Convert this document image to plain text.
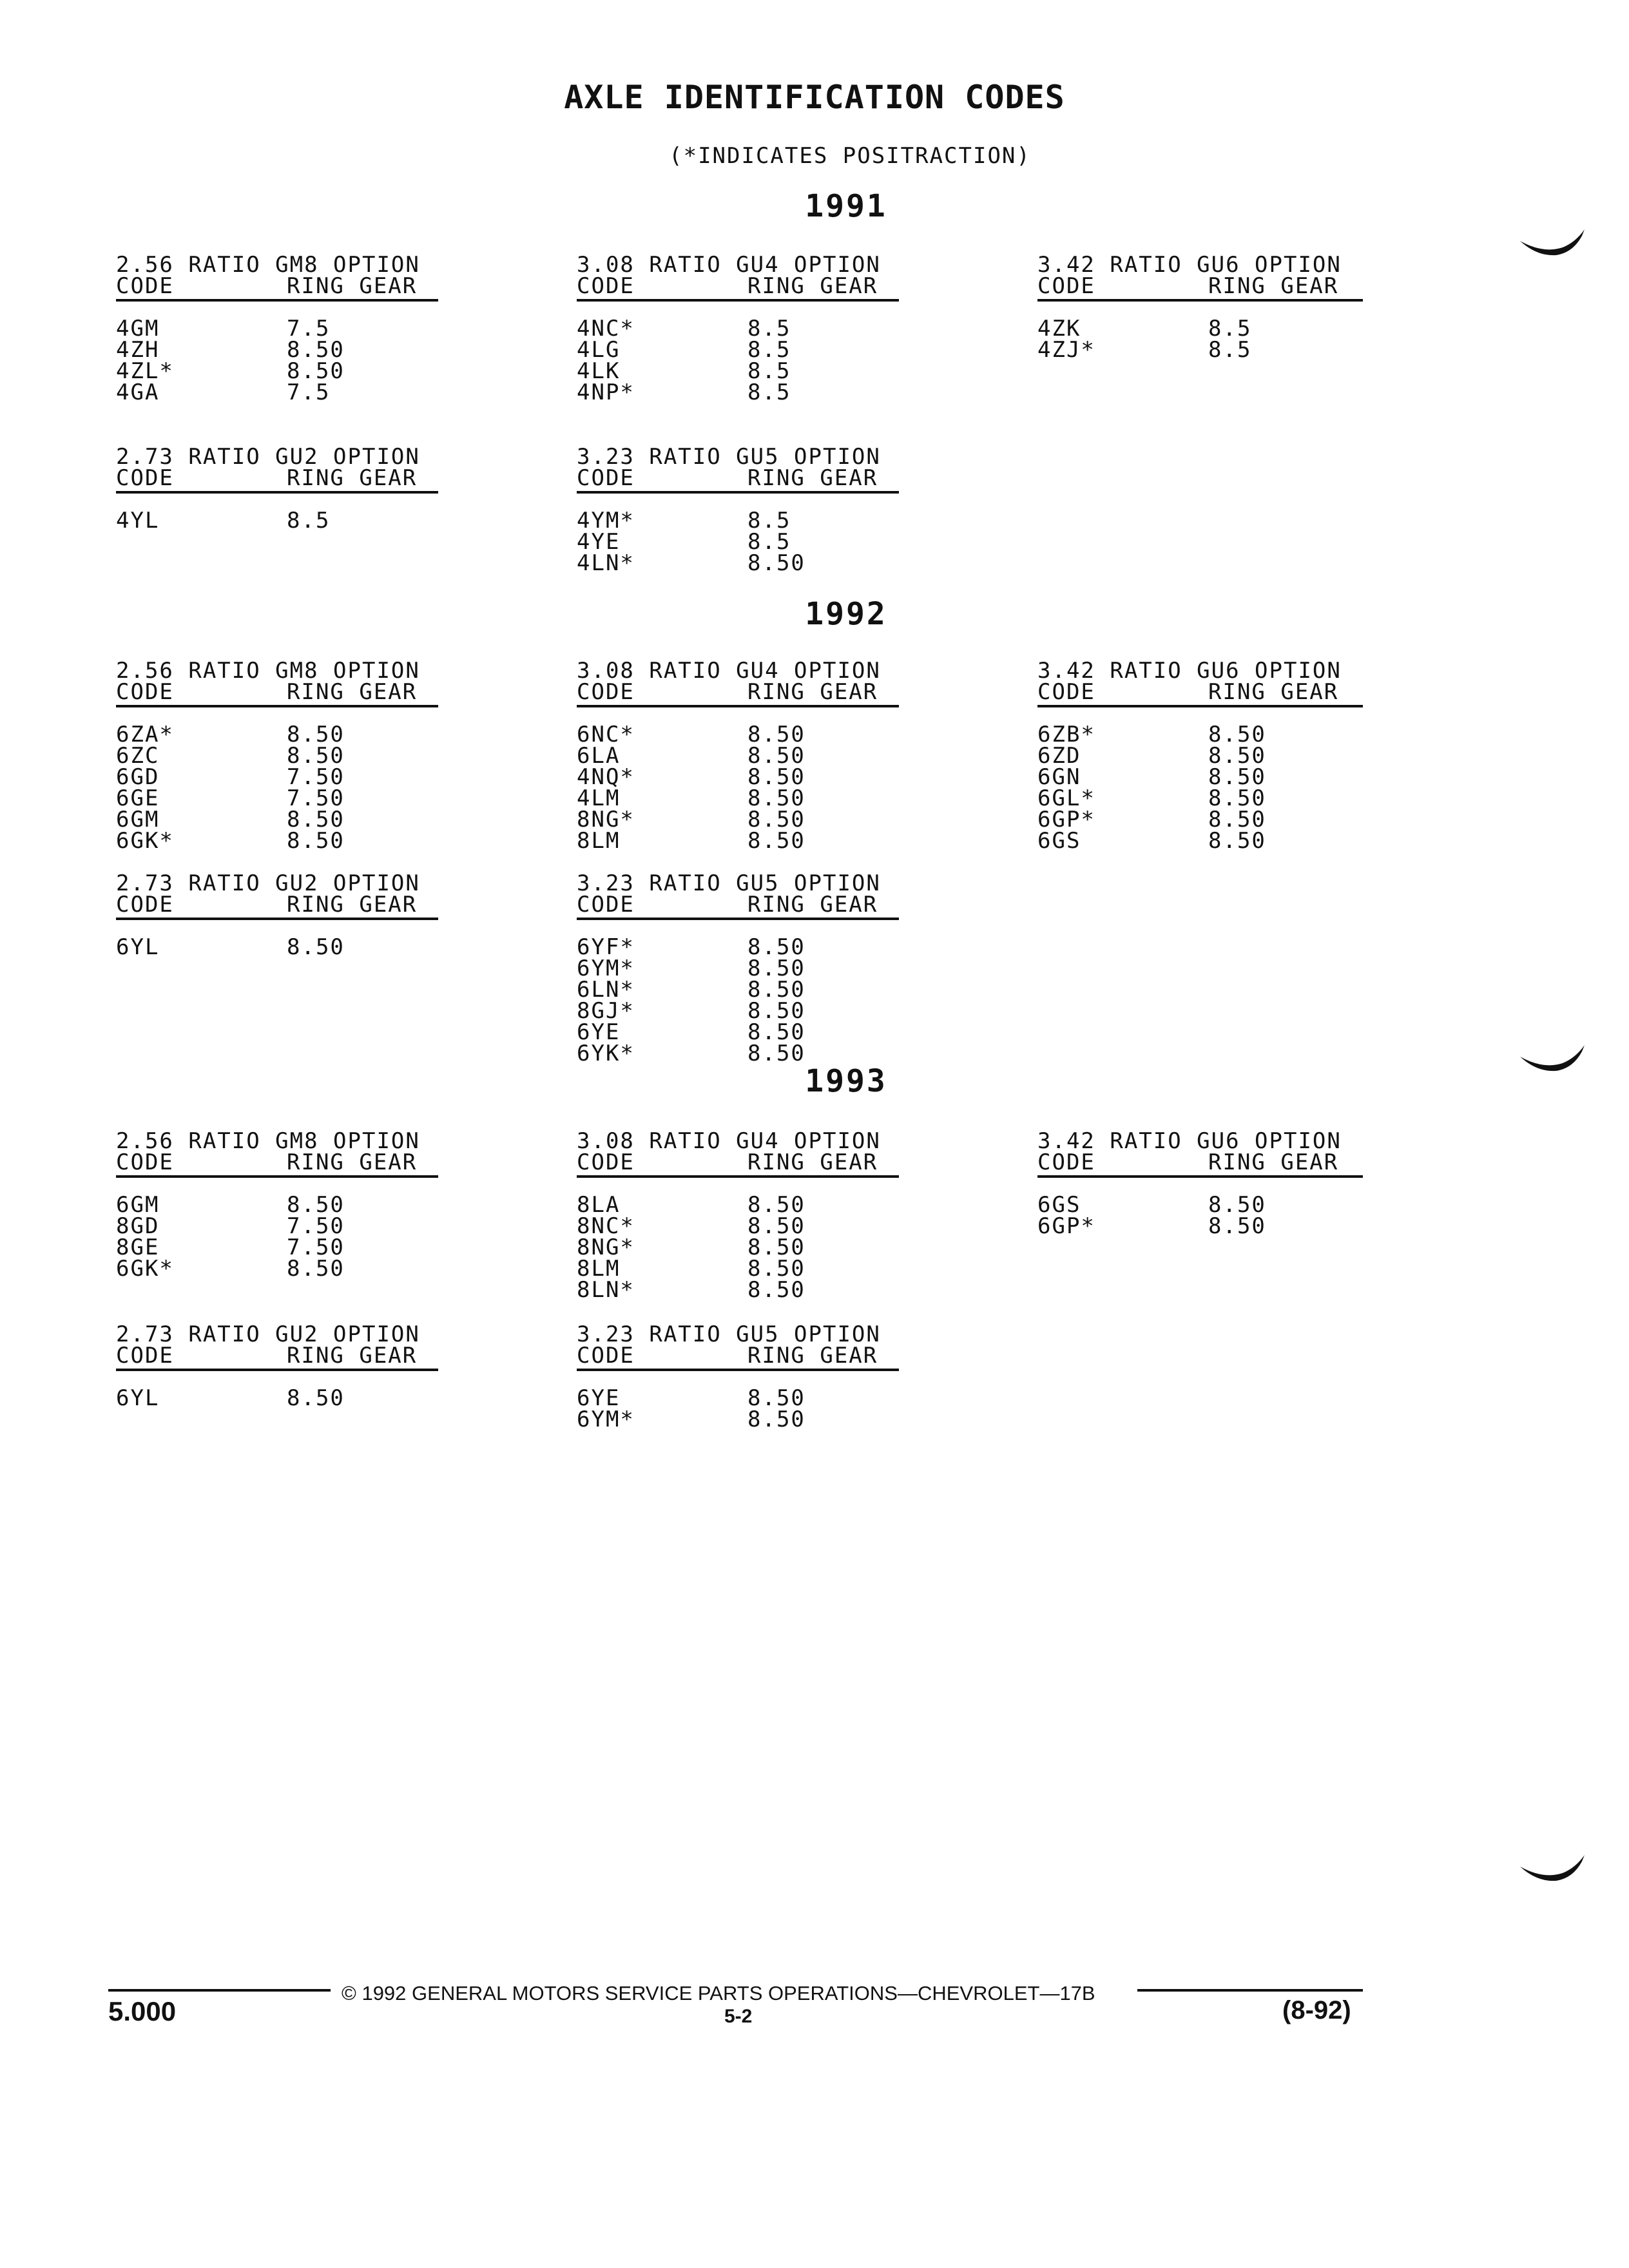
AXLE IDENTIFICATION CODES
(*INDICATES POSITRACTION)
1991
1992
1993
2.56 RATIO GM8 OPTION
CODE	RING GEAR
4GM	7.5
4ZH	8.50
4ZL*	8.50
4GA	7.5
3.08 RATIO GU4 OPTION
CODE	RING GEAR
4NC*	8.5
4LG	8.5
4LK	8.5
4NP*	8.5
3.42 RATIO GU6 OPTION
CODE	RING GEAR
4ZK	8.5
4ZJ*	8.5
2.73 RATIO GU2 OPTION
CODE	RING GEAR
4YL	8.5
3.23 RATIO GU5 OPTION
CODE	RING GEAR
4YM*	8.5
4YE	8.5
4LN*	8.50
2.56 RATIO GM8 OPTION
CODE	RING GEAR
6ZA*	8.50
6ZC	8.50
6GD	7.50
6GE	7.50
6GM	8.50
6GK*	8.50
3.08 RATIO GU4 OPTION
CODE	RING GEAR
6NC*	8.50
6LA	8.50
4NQ*	8.50
4LM	8.50
8NG*	8.50
8LM	8.50
3.42 RATIO GU6 OPTION
CODE	RING GEAR
6ZB*	8.50
6ZD	8.50
6GN	8.50
6GL*	8.50
6GP*	8.50
6GS	8.50
2.73 RATIO GU2 OPTION
CODE	RING GEAR
6YL	8.50
3.23 RATIO GU5 OPTION
CODE	RING GEAR
6YF*	8.50
6YM*	8.50
6LN*	8.50
8GJ*	8.50
6YE	8.50
6YK*	8.50
2.56 RATIO GM8 OPTION
CODE	RING GEAR
6GM	8.50
8GD	7.50
8GE	7.50
6GK*	8.50
3.08 RATIO GU4 OPTION
CODE	RING GEAR
8LA	8.50
8NC*	8.50
8NG*	8.50
8LM	8.50
8LN*	8.50
3.42 RATIO GU6 OPTION
CODE	RING GEAR
6GS	8.50
6GP*	8.50
2.73 RATIO GU2 OPTION
CODE	RING GEAR
6YL	8.50
3.23 RATIO GU5 OPTION
CODE	RING GEAR
6YE	8.50
6YM*	8.50
© 1992 GENERAL MOTORS SERVICE PARTS OPERATIONS—CHEVROLET—17B
5.000	5-2	(8-92)
